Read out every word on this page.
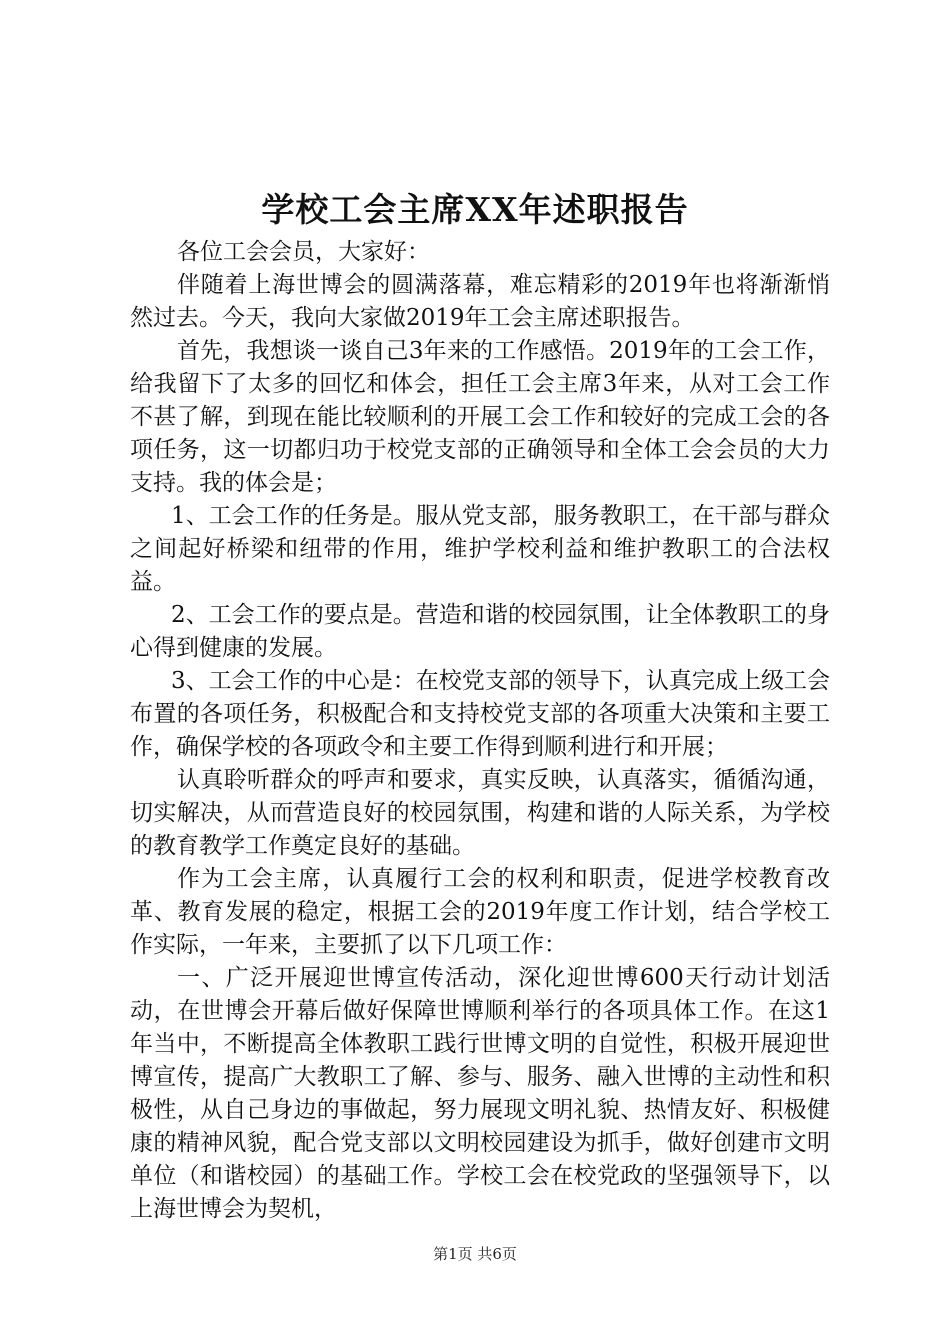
学校工会主席XX年述职报告

各位工会会员，大家好：

伴随着上海世博会的圆满落幕，难忘精彩的2019年也将渐渐悄然过去。今天，我向大家做2019年工会主席述职报告。

首先，我想谈一谈自己3年来的工作感悟。2019年的工会工作，给我留下了太多的回忆和体会，担任工会主席3年来，从对工会工作不甚了解，到现在能比较顺利的开展工会工作和较好的完成工会的各项任务，这一切都归功于校党支部的正确领导和全体工会会员的大力支持。我的体会是；

1、工会工作的任务是。服从党支部，服务教职工，在干部与群众之间起好桥梁和纽带的作用，维护学校利益和维护教职工的合法权益。

2、工会工作的要点是。营造和谐的校园氛围，让全体教职工的身心得到健康的发展。

3、工会工作的中心是：在校党支部的领导下，认真完成上级工会布置的各项任务，积极配合和支持校党支部的各项重大决策和主要工作，确保学校的各项政令和主要工作得到顺利进行和开展；

认真聆听群众的呼声和要求，真实反映，认真落实，循循沟通，切实解决，从而营造良好的校园氛围，构建和谐的人际关系，为学校的教育教学工作奠定良好的基础。

作为工会主席，认真履行工会的权利和职责，促进学校教育改革、教育发展的稳定，根据工会的2019年度工作计划，结合学校工作实际，一年来，主要抓了以下几项工作：

一、广泛开展迎世博宣传活动，深化迎世博600天行动计划活动，在世博会开幕后做好保障世博顺利举行的各项具体工作。在这1年当中，不断提高全体教职工践行世博文明的自觉性，积极开展迎世博宣传，提高广大教职工了解、参与、服务、融入世博的主动性和积极性，从自己身边的事做起，努力展现文明礼貌、热情友好、积极健康的精神风貌，配合党支部以文明校园建设为抓手，做好创建市文明单位（和谐校园）的基础工作。学校工会在校党政的坚强领导下，以上海世博会为契机，

第1页 共6页
